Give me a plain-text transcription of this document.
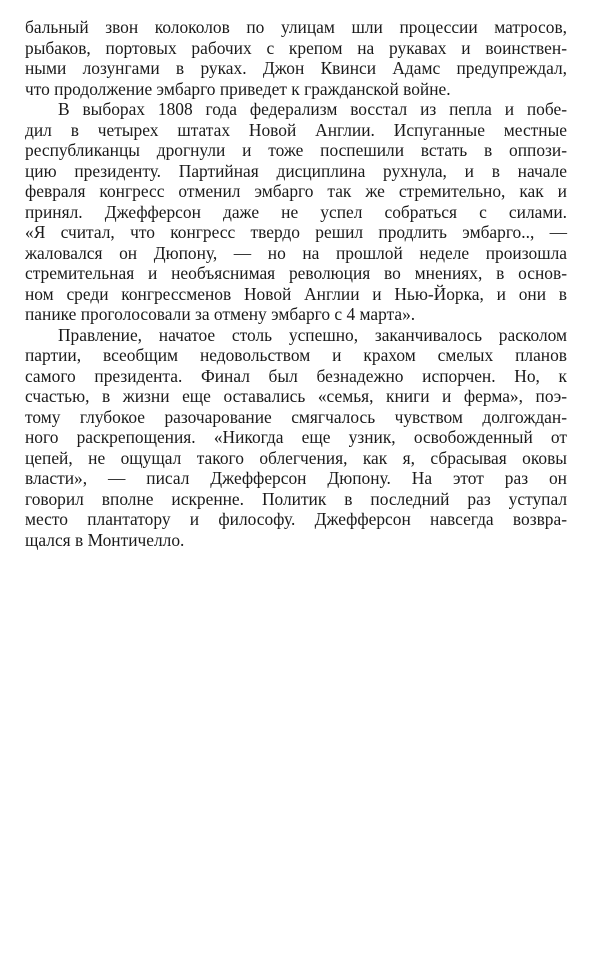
бальный звон колоколов по улицам шли процессии матросов,
рыбаков, портовых рабочих с крепом на рукавах и воинствен-
ными лозунгами в руках. Джон Квинси Адамс предупреждал,
что продолжение эмбарго приведет к гражданской войне.
В выборах 1808 года федерализм восстал из пепла и побе-
дил в четырех штатах Новой Англии. Испуганные местные
республиканцы дрогнули и тоже поспешили встать в оппози-
цию президенту. Партийная дисциплина рухнула, и в начале
февраля конгресс отменил эмбарго так же стремительно, как и
принял. Джефферсон даже не успел собраться с силами.
«Я считал, что конгресс твердо решил продлить эмбарго.., —
жаловался он Дюпону, — но на прошлой неделе произошла
стремительная и необъяснимая революция во мнениях, в основ-
ном среди конгрессменов Новой Англии и Нью-Йорка, и они в
панике проголосовали за отмену эмбарго с 4 марта».
Правление, начатое столь успешно, заканчивалось расколом
партии, всеобщим недовольством и крахом смелых планов
самого президента. Финал был безнадежно испорчен. Но, к
счастью, в жизни еще оставались «семья, книги и ферма», поэ-
тому глубокое разочарование смягчалось чувством долгождан-
ного раскрепощения. «Никогда еще узник, освобожденный от
цепей, не ощущал такого облегчения, как я, сбрасывая оковы
власти», — писал Джефферсон Дюпону. На этот раз он
говорил вполне искренне. Политик в последний раз уступал
место плантатору и философу. Джефферсон навсегда возвра-
щался в Монтичелло.
